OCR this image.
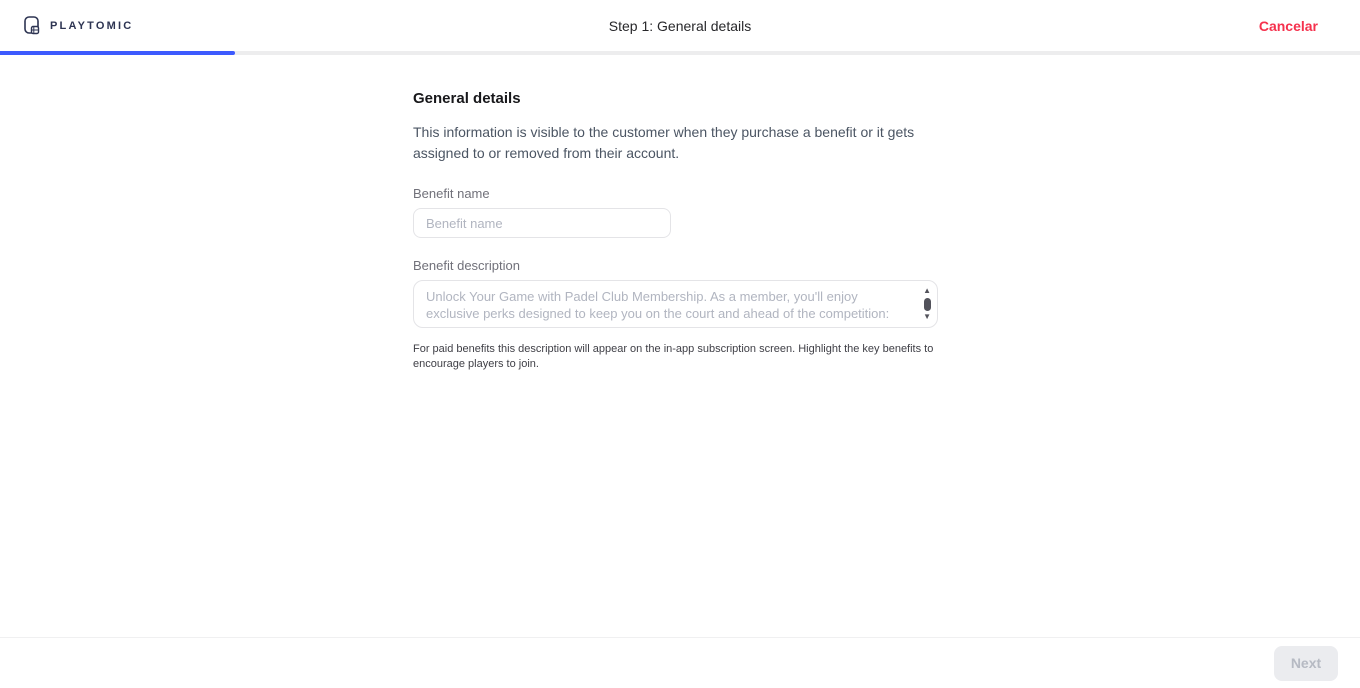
PLAYTOMIC	Step 1: General details	Cancelar
General details

This information is visible to the customer when they purchase a benefit or it gets assigned to or removed from their account.

Benefit name
Benefit name
Benefit description
Unlock Your Game with Padel Club Membership. As a member, you'll enjoy exclusive perks designed to keep you on the court and ahead of the competition:
▲
▼

For paid benefits this description will appear on the in-app subscription screen. Highlight the key benefits to encourage players to join.

Next
